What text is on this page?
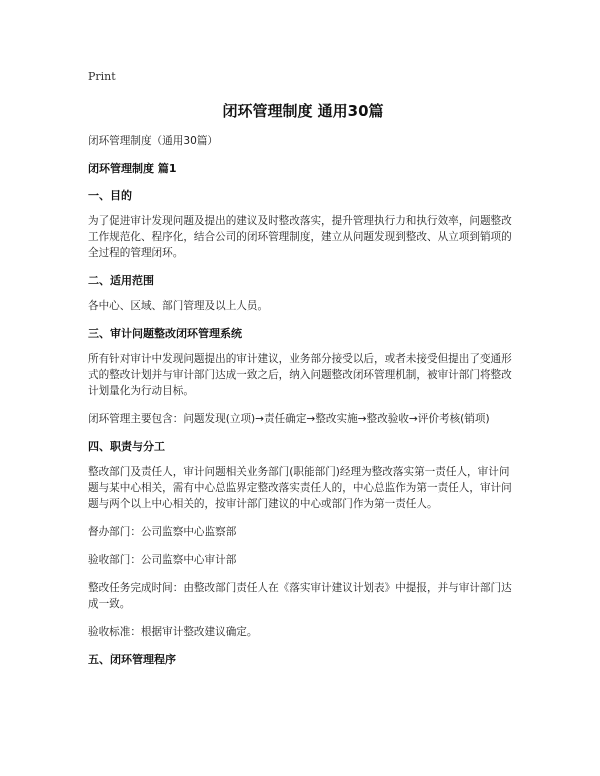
Print
闭环管理制度 通用30篇

闭环管理制度（通用30篇）

闭环管理制度 篇1

一、目的

为了促进审计发现问题及提出的建议及时整改落实，提升管理执行力和执行效率，问题整改工作规范化、程序化，结合公司的闭环管理制度，建立从问题发现到整改、从立项到销项的全过程的管理闭环。

二、适用范围

各中心、区域、部门管理及以上人员。

三、审计问题整改闭环管理系统

所有针对审计中发现问题提出的审计建议，业务部分接受以后，或者未接受但提出了变通形式的整改计划并与审计部门达成一致之后，纳入问题整改闭环管理机制，被审计部门将整改计划量化为行动目标。

闭环管理主要包含：问题发现(立项)→责任确定→整改实施→整改验收→评价考核(销项)

四、职责与分工

整改部门及责任人，审计问题相关业务部门(职能部门)经理为整改落实第一责任人，审计问题与某中心相关，需有中心总监界定整改落实责任人的，中心总监作为第一责任人，审计问题与两个以上中心相关的，按审计部门建议的中心或部门作为第一责任人。

督办部门：公司监察中心监察部

验收部门：公司监察中心审计部

整改任务完成时间：由整改部门责任人在《落实审计建议计划表》中提报，并与审计部门达成一致。

验收标准：根据审计整改建议确定。

五、闭环管理程序
